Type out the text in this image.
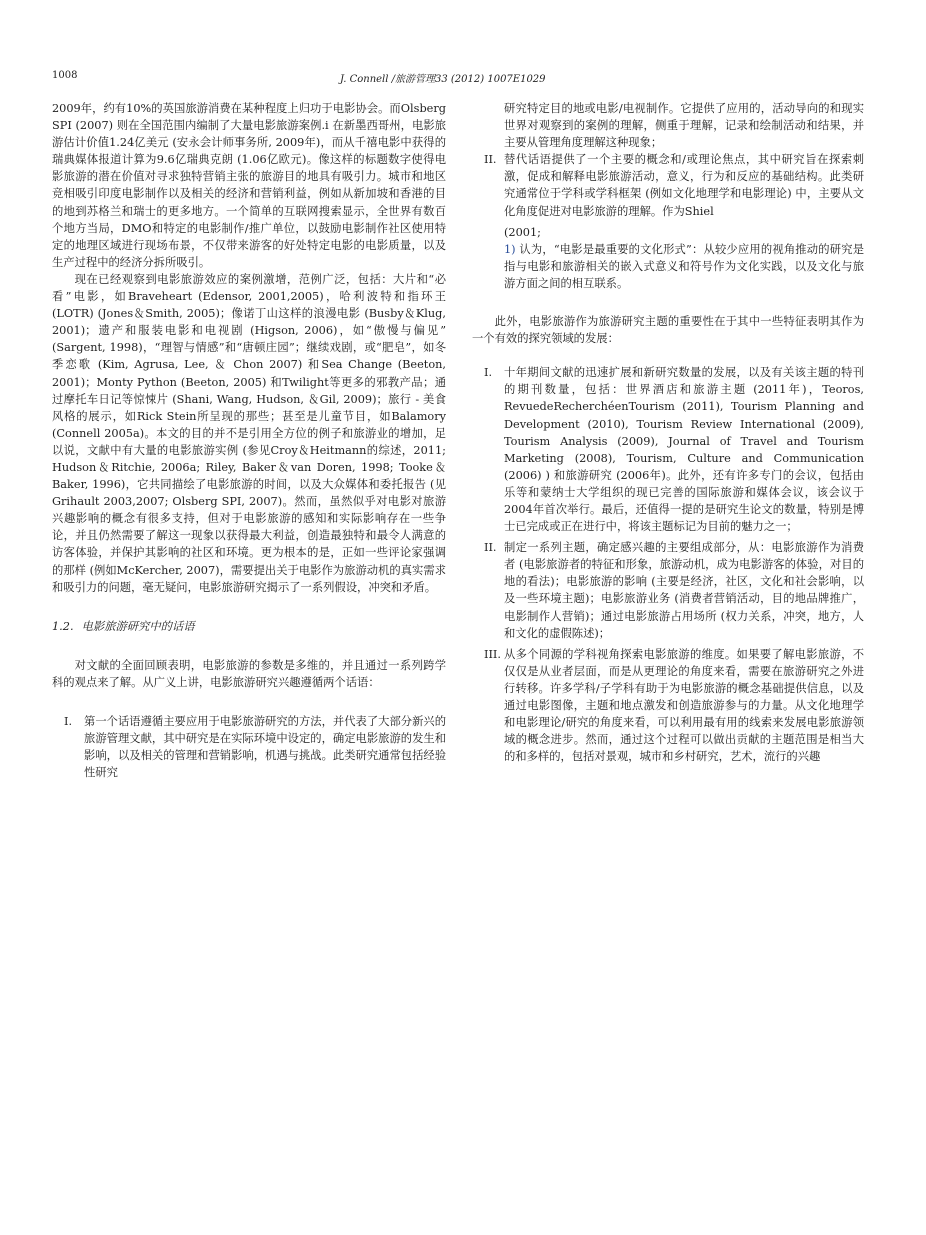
1008	J. Connell /旅游管理33 (2012) 1007E1029

2009年，约有10%的英国旅游消费在某种程度上归功于电影协会。而Olsberg SPI (2007) 则在全国范围内编制了大量电影旅游案例.i 在新墨西哥州，电影旅游估计价值1.24亿美元 (安永会计师事务所, 2009年)，而从千禧电影中获得的瑞典媒体报道计算为9.6亿瑞典克朗 (1.06亿欧元)。像这样的标题数字使得电影旅游的潜在价值对寻求独特营销主张的旅游目的地具有吸引力。城市和地区竞相吸引印度电影制作以及相关的经济和营销利益，例如从新加坡和香港的目的地到苏格兰和瑞士的更多地方。一个简单的互联网搜索显示，全世界有数百个地方当局，DMO和特定的电影制作/推广单位，以鼓励电影制作社区使用特定的地理区域进行现场布景，不仅带来游客的好处特定电影的电影质量，以及生产过程中的经济分拆所吸引。

现在已经观察到电影旅游效应的案例激增，范例广泛，包括：大片和“必看”电影，如Braveheart (Edensor, 2001,2005)，哈利波特和指环王 (LOTR) (Jones＆Smith, 2005)；像诺丁山这样的浪漫电影 (Busby＆Klug, 2001)；遗产和服装电影和电视剧 (Higson, 2006)，如“傲慢与偏见” (Sargent, 1998)，“理智与情感”和“唐顿庄园”；继续戏剧，或“肥皂”，如冬季恋歌 (Kim, Agrusa, Lee, ＆ Chon 2007) 和Sea Change (Beeton, 2001)；Monty Python (Beeton, 2005) 和Twilight等更多的邪教产品；通过摩托车日记等惊悚片 (Shani, Wang, Hudson, ＆Gil, 2009)；旅行 - 美食风格的展示，如Rick Stein所呈现的那些；甚至是儿童节目，如Balamory (Connell 2005a)。本文的目的并不是引用全方位的例子和旅游业的增加，足以说，文献中有大量的电影旅游实例 (参见Croy＆Heitmann的综述，2011; Hudson＆Ritchie, 2006a; Riley, Baker＆van Doren, 1998; Tooke＆Baker, 1996)，它共同描绘了电影旅游的时间，以及大众媒体和委托报告 (见Grihault 2003,2007; Olsberg SPI, 2007)。然而，虽然似乎对电影对旅游兴趣影响的概念有很多支持，但对于电影旅游的感知和实际影响存在一些争论，并且仍然需要了解这一现象以获得最大利益，创造最独特和最令人满意的访客体验，并保护其影响的社区和环境。更为根本的是，正如一些评论家强调的那样 (例如McKercher, 2007)，需要提出关于电影作为旅游动机的真实需求和吸引力的问题，毫无疑问，电影旅游研究揭示了一系列假设，冲突和矛盾。

1.2. 电影旅游研究中的话语

对文献的全面回顾表明，电影旅游的参数是多维的，并且通过一系列跨学科的观点来了解。从广义上讲，电影旅游研究兴趣遵循两个话语：

I. 第一个话语遵循主要应用于电影旅游研究的方法，并代表了大部分新兴的旅游管理文献，其中研究是在实际环境中设定的，确定电影旅游的发生和影响，以及相关的管理和营销影响，机遇与挑战。此类研究通常包括经验性研究

研究特定目的地或电影/电视制作。它提供了应用的，活动导向的和现实世界对观察到的案例的理解，侧重于理解，记录和绘制活动和结果，并主要从管理角度理解这种现象；

II. 替代话语提供了一个主要的概念和/或理论焦点，其中研究旨在探索刺激，促成和解释电影旅游活动，意义，行为和反应的基础结构。此类研究通常位于学科或学科框架 (例如文化地理学和电影理论) 中，主要从文化角度促进对电影旅游的理解。作为Shiel

(2001;

1) 认为，“电影是最重要的文化形式”：从较少应用的视角推动的研究是指与电影和旅游相关的嵌入式意义和符号作为文化实践，以及文化与旅游方面之间的相互联系。

此外，电影旅游作为旅游研究主题的重要性在于其中一些特征表明其作为一个有效的探究领域的发展：

I. 十年期间文献的迅速扩展和新研究数量的发展，以及有关该主题的特刊的期刊数量，包括：世界酒店和旅游主题 (2011年)，Teoros, RevuedeRecherchéenTourism (2011), Tourism Planning and Development (2010), Tourism Review International (2009), Tourism Analysis (2009), Journal of Travel and Tourism Marketing (2008), Tourism, Culture and Communication (2006) ) 和旅游研究 (2006年)。此外，还有许多专门的会议，包括由乐等和蒙纳士大学组织的现已完善的国际旅游和媒体会议，该会议于2004年首次举行。最后，还值得一提的是研究生论文的数量，特别是博士已完成或正在进行中，将该主题标记为目前的魅力之一；
II. 制定一系列主题，确定感兴趣的主要组成部分，从：电影旅游作为消费者 (电影旅游者的特征和形象，旅游动机，成为电影游客的体验，对目的地的看法)；电影旅游的影响 (主要是经济，社区，文化和社会影响，以及一些环境主题)；电影旅游业务 (消费者营销活动，目的地品牌推广，电影制作人营销)；通过电影旅游占用场所 (权力关系，冲突，地方，人和文化的虚假陈述)；
III. 从多个同源的学科视角探索电影旅游的维度。如果要了解电影旅游，不仅仅是从业者层面，而是从更理论的角度来看，需要在旅游研究之外进行转移。许多学科/子学科有助于为电影旅游的概念基础提供信息，以及通过电影图像，主题和地点激发和创造旅游参与的力量。从文化地理学和电影理论/研究的角度来看，可以利用最有用的线索来发展电影旅游领域的概念进步。然而，通过这个过程可以做出贡献的主题范围是相当大的和多样的，包括对景观，城市和乡村研究，艺术，流行的兴趣
